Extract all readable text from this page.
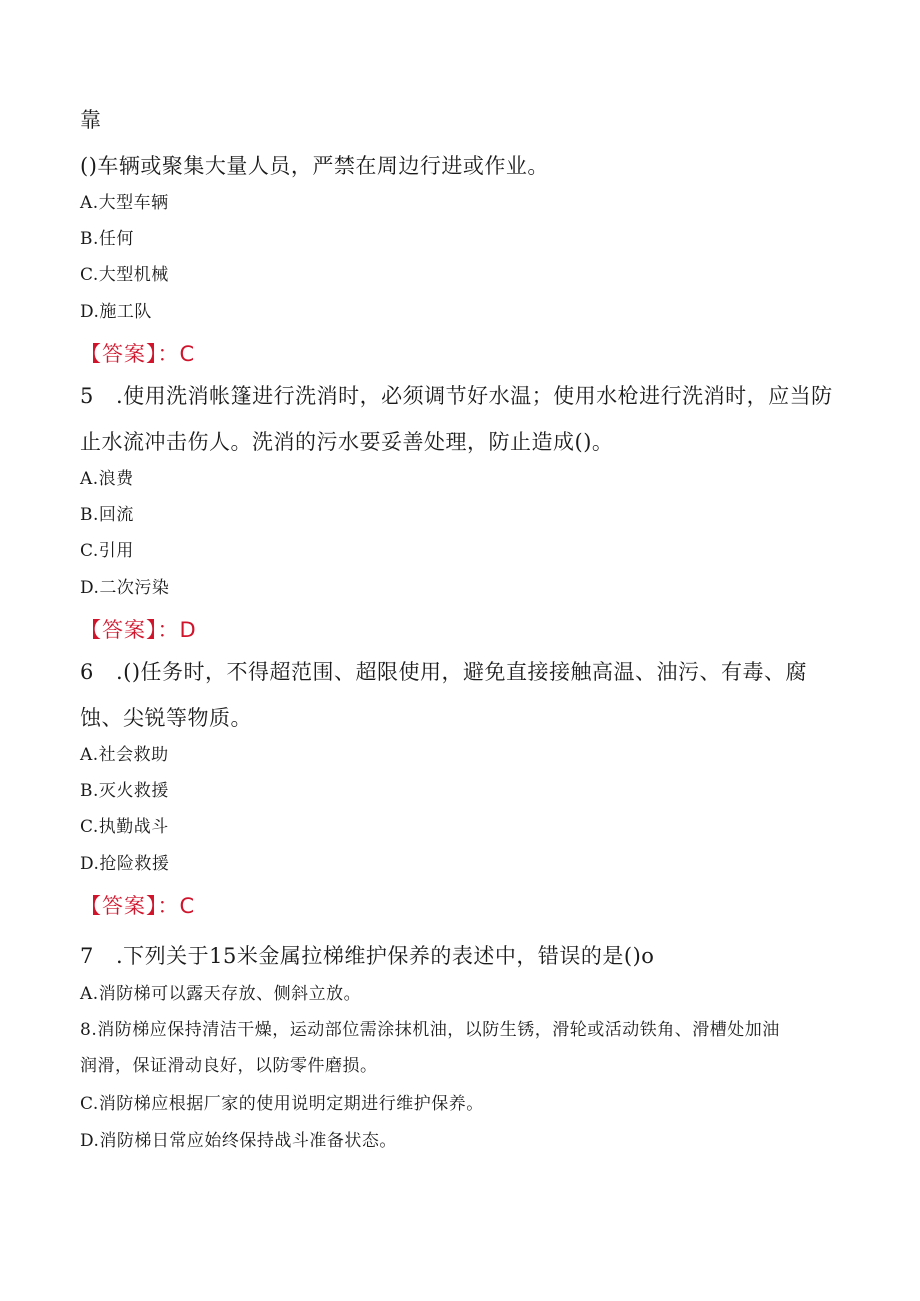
靠
()车辆或聚集大量人员，严禁在周边行进或作业。
A.大型车辆
B.任何
C.大型机械
D.施工队
【答案】：C
5 .使用洗消帐篷进行洗消时，必须调节好水温；使用水枪进行洗消时，应当防
止水流冲击伤人。洗消的污水要妥善处理，防止造成()。
A.浪费
B.回流
C.引用
D.二次污染
【答案】：D
6 .()任务时，不得超范围、超限使用，避免直接接触高温、油污、有毒、腐
蚀、尖锐等物质。
A.社会救助
B.灭火救援
C.执勤战斗
D.抢险救援
【答案】：C
7 .下列关于15米金属拉梯维护保养的表述中，错误的是()o
A.消防梯可以露天存放、侧斜立放。
8.消防梯应保持清洁干燥，运动部位需涂抹机油，以防生锈，滑轮或活动铁角、滑槽处加油
润滑，保证滑动良好，以防零件磨损。
C.消防梯应根据厂家的使用说明定期进行维护保养。
D.消防梯日常应始终保持战斗准备状态。
